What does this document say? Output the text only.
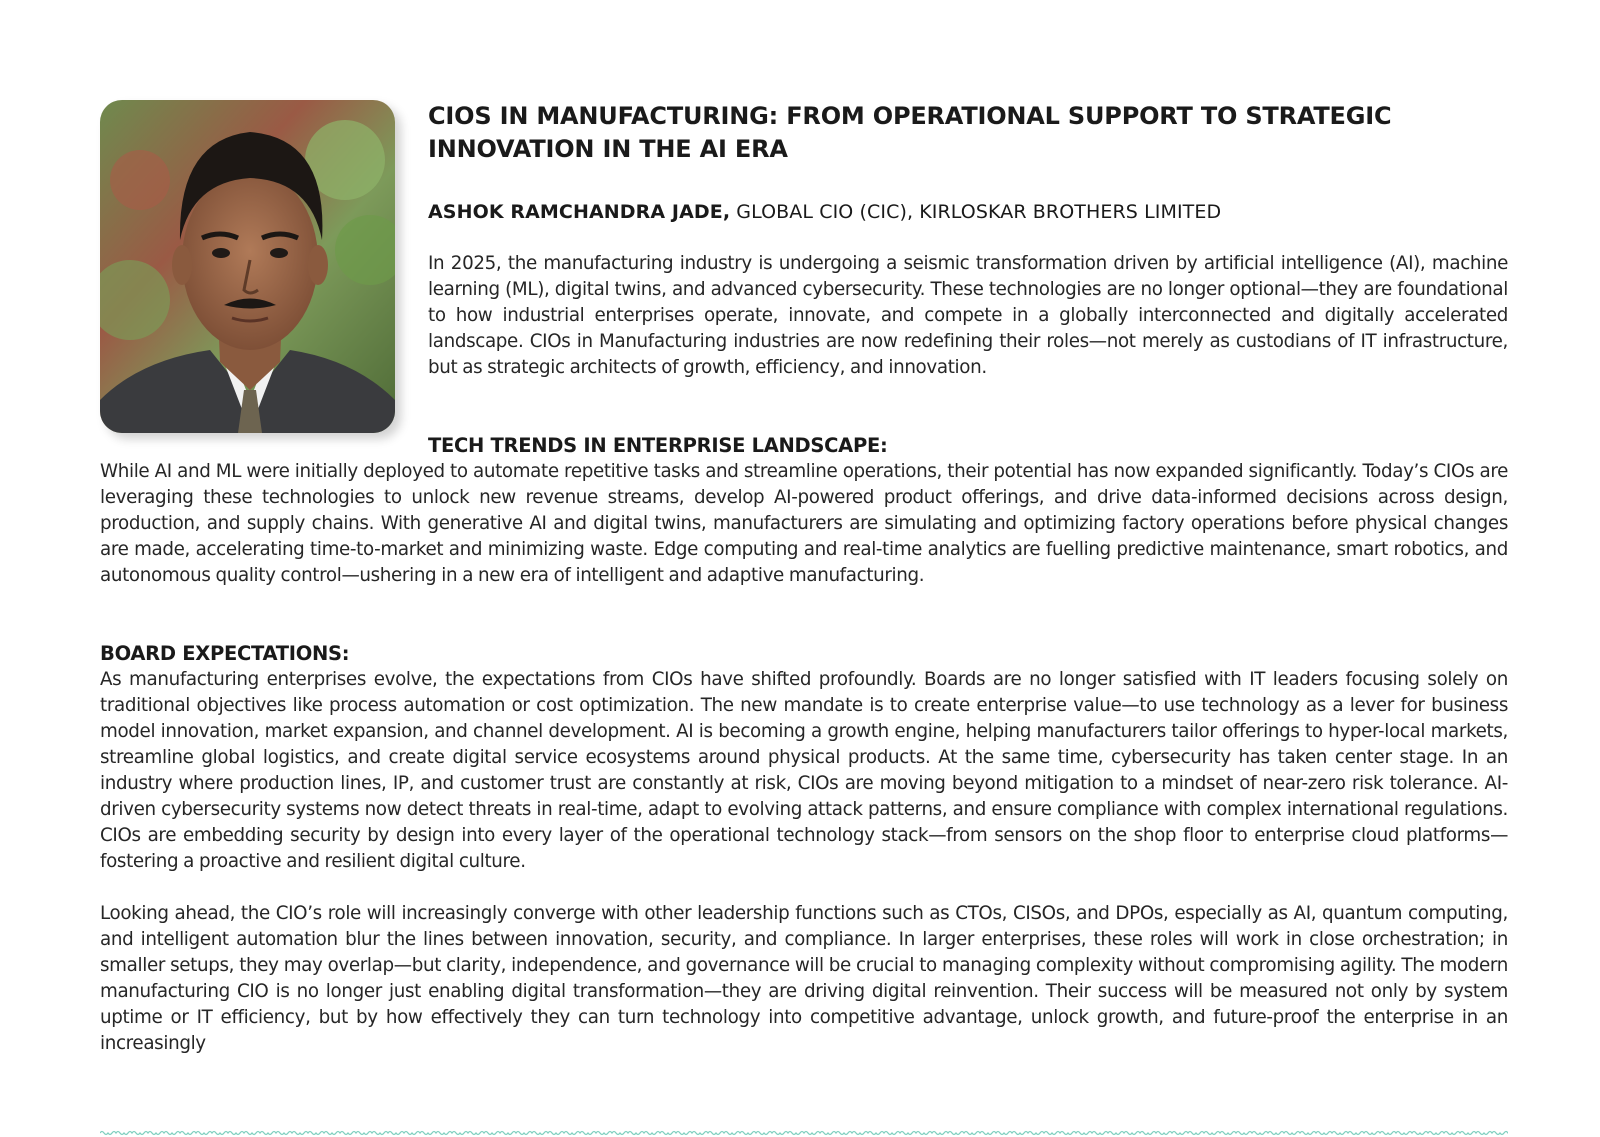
CIOS IN MANUFACTURING: FROM OPERATIONAL SUPPORT TO STRATEGIC INNOVATION IN THE AI ERA
ASHOK RAMCHANDRA JADE, GLOBAL CIO (CIC), KIRLOSKAR BROTHERS LIMITED

In 2025, the manufacturing industry is undergoing a seismic transformation driven by artificial intelligence (AI), machine learning (ML), digital twins, and advanced cybersecurity. These technologies are no longer optional—they are foundational to how industrial enterprises operate, innovate, and compete in a globally interconnected and digitally accelerated landscape. CIOs in Manufacturing industries are now redefining their roles—not merely as custodians of IT infrastructure, but as strategic architects of growth, efficiency, and innovation.

TECH TRENDS IN ENTERPRISE LANDSCAPE:

While AI and ML were initially deployed to automate repetitive tasks and streamline operations, their potential has now expanded significantly. Today’s CIOs are leveraging these technologies to unlock new revenue streams, develop AI-powered product offerings, and drive data-informed decisions across design, production, and supply chains. With generative AI and digital twins, manufacturers are simulating and optimizing factory operations before physical changes are made, accelerating time-to-market and minimizing waste. Edge computing and real-time analytics are fuelling predictive maintenance, smart robotics, and autonomous quality control—ushering in a new era of intelligent and adaptive manufacturing.

BOARD EXPECTATIONS:

As manufacturing enterprises evolve, the expectations from CIOs have shifted profoundly. Boards are no longer satisfied with IT leaders focusing solely on traditional objectives like process automation or cost optimization. The new mandate is to create enterprise value—to use technology as a lever for business model innovation, market expansion, and channel development. AI is becoming a growth engine, helping manufacturers tailor offerings to hyper-local markets, streamline global logistics, and create digital service ecosystems around physical products. At the same time, cybersecurity has taken center stage. In an industry where production lines, IP, and customer trust are constantly at risk, CIOs are moving beyond mitigation to a mindset of near-zero risk tolerance. AI-driven cybersecurity systems now detect threats in real-time, adapt to evolving attack patterns, and ensure compliance with complex international regulations. CIOs are embedding security by design into every layer of the operational technology stack—from sensors on the shop floor to enterprise cloud platforms—fostering a proactive and resilient digital culture.

Looking ahead, the CIO’s role will increasingly converge with other leadership functions such as CTOs, CISOs, and DPOs, especially as AI, quantum computing, and intelligent automation blur the lines between innovation, security, and compliance. In larger enterprises, these roles will work in close orchestration; in smaller setups, they may overlap—but clarity, independence, and governance will be crucial to managing complexity without compromising agility. The modern manufacturing CIO is no longer just enabling digital transformation—they are driving digital reinvention. Their success will be measured not only by system uptime or IT efficiency, but by how effectively they can turn technology into competitive advantage, unlock growth, and future-proof the enterprise in an increasingly
